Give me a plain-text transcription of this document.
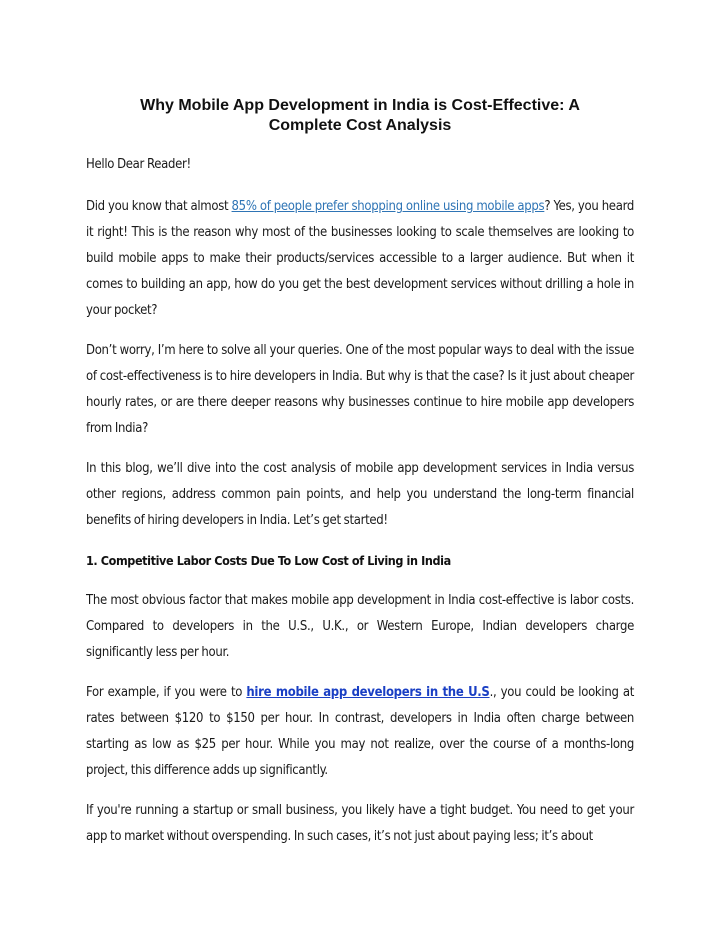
Why Mobile App Development in India is Cost-Effective: A Complete Cost Analysis

Hello Dear Reader!

Did you know that almost 85% of people prefer shopping online using mobile apps? Yes, you heard it right! This is the reason why most of the businesses looking to scale themselves are looking to build mobile apps to make their products/services accessible to a larger audience. But when it comes to building an app, how do you get the best development services without drilling a hole in your pocket?

Don’t worry, I’m here to solve all your queries. One of the most popular ways to deal with the issue of cost-effectiveness is to hire developers in India. But why is that the case? Is it just about cheaper hourly rates, or are there deeper reasons why businesses continue to hire mobile app developers from India?

In this blog, we’ll dive into the cost analysis of mobile app development services in India versus other regions, address common pain points, and help you understand the long-term financial benefits of hiring developers in India. Let’s get started!

1. Competitive Labor Costs Due To Low Cost of Living in India

The most obvious factor that makes mobile app development in India cost-effective is labor costs. Compared to developers in the U.S., U.K., or Western Europe, Indian developers charge significantly less per hour.

For example, if you were to hire mobile app developers in the U.S., you could be looking at rates between $120 to $150 per hour. In contrast, developers in India often charge between starting as low as $25 per hour. While you may not realize, over the course of a months-long project, this difference adds up significantly.

If you're running a startup or small business, you likely have a tight budget. You need to get your app to market without overspending. In such cases, it’s not just about paying less; it’s about
